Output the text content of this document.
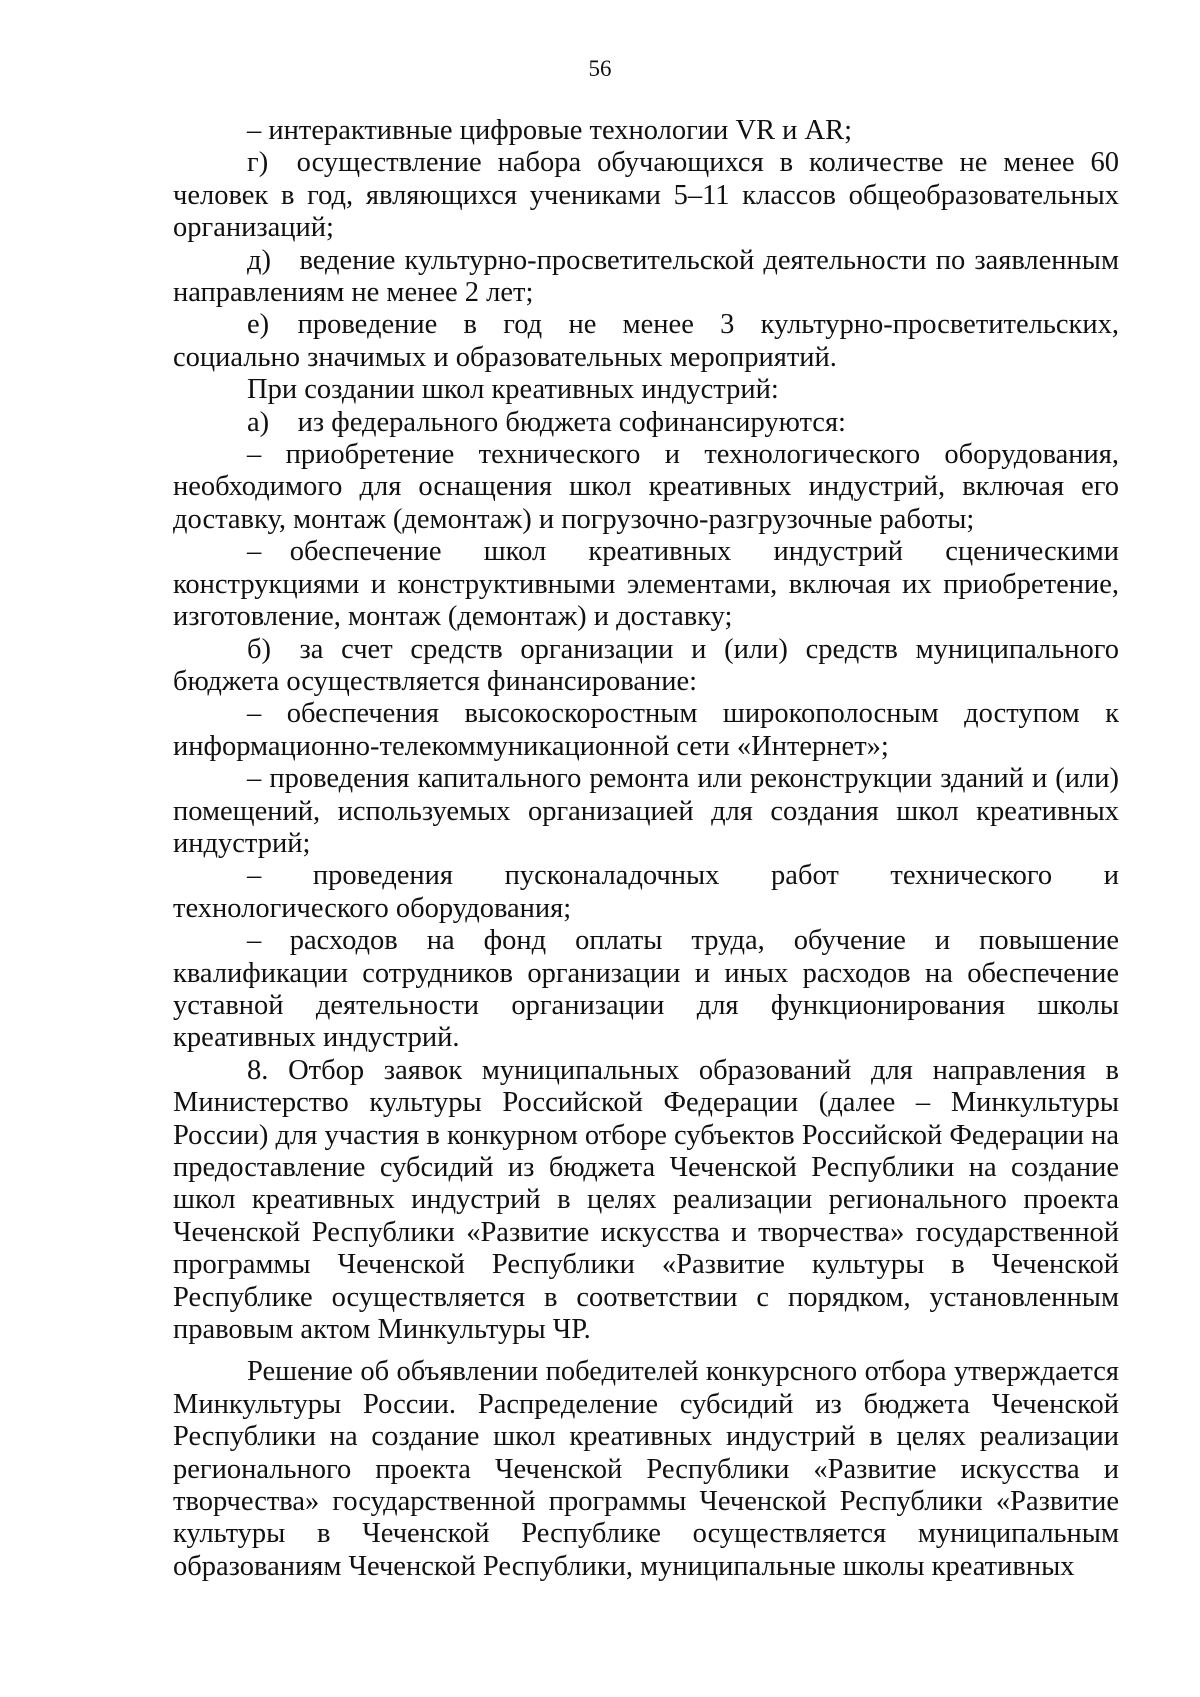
56

– интерактивные цифровые технологии VR и AR;

г) осуществление набора обучающихся в количестве не менее 60 человек в год, являющихся учениками 5–11 классов общеобразовательных организаций;

д) ведение культурно-просветительской деятельности по заявленным направлениям не менее 2 лет;

е) проведение в год не менее 3 культурно-просветительских, социально значимых и образовательных мероприятий.

При создании школ креативных индустрий:

а) из федерального бюджета софинансируются:

– приобретение технического и технологического оборудования, необходимого для оснащения школ креативных индустрий, включая его доставку, монтаж (демонтаж) и погрузочно-разгрузочные работы;

– обеспечение школ креативных индустрий сценическими конструкциями и конструктивными элементами, включая их приобретение, изготовление, монтаж (демонтаж) и доставку;

б) за счет средств организации и (или) средств муниципального бюджета осуществляется финансирование:

– обеспечения высокоскоростным широкополосным доступом к информационно-телекоммуникационной сети «Интернет»;

– проведения капитального ремонта или реконструкции зданий и (или) помещений, используемых организацией для создания школ креативных индустрий;

– проведения пусконаладочных работ технического и технологического оборудования;

– расходов на фонд оплаты труда, обучение и повышение квалификации сотрудников организации и иных расходов на обеспечение уставной деятельности организации для функционирования школы креативных индустрий.

8. Отбор заявок муниципальных образований для направления в Министерство культуры Российской Федерации (далее – Минкультуры России) для участия в конкурном отборе субъектов Российской Федерации на предоставление субсидий из бюджета Чеченской Республики на создание школ креативных индустрий в целях реализации регионального проекта Чеченской Республики «Развитие искусства и творчества» государственной программы Чеченской Республики «Развитие культуры в Чеченской Республике осуществляется в соответствии с порядком, установленным правовым актом Минкультуры ЧР.

Решение об объявлении победителей конкурсного отбора утверждается Минкультуры России. Распределение субсидий из бюджета Чеченской Республики на создание школ креативных индустрий в целях реализации регионального проекта Чеченской Республики «Развитие искусства и творчества» государственной программы Чеченской Республики «Развитие культуры в Чеченской Республике осуществляется муниципальным образованиям Чеченской Республики, муниципальные школы креативных
